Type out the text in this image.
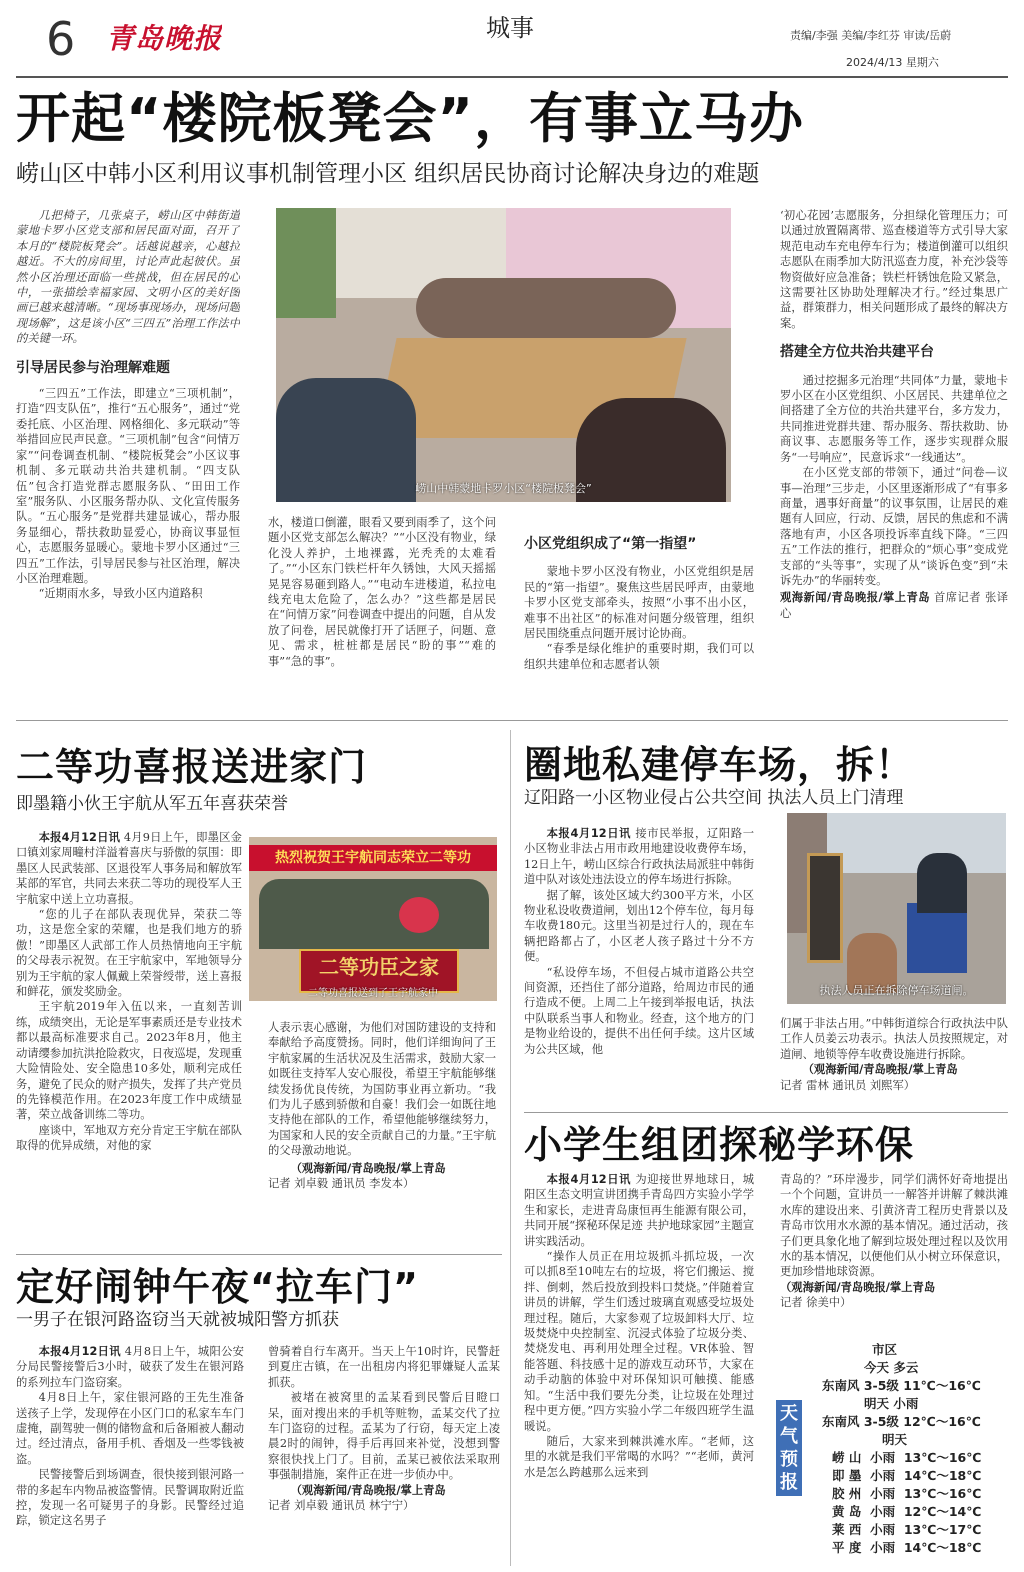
6 青岛晚报	城事	责编/李强 美编/李红芬 审读/岳蔚
2024/4/13 星期六
开起“楼院板凳会”，有事立马办
崂山区中韩小区利用议事机制管理小区 组织居民协商讨论解决身边的难题

几把椅子，几张桌子，崂山区中韩街道蒙地卡罗小区党支部和居民面对面，召开了本月的“楼院板凳会”。话越说越亲，心越拉越近。不大的房间里，讨论声此起彼伏。虽然小区治理还面临一些挑战，但在居民的心中，一张描绘幸福家园、文明小区的美好图画已越来越清晰。“现场事现场办，现场问题现场解”，这是该小区“三四五”治理工作法中的关键一环。

引导居民参与治理解难题

“三四五”工作法，即建立“三项机制”，打造“四支队伍”，推行“五心服务”，通过“党委托底、小区治理、网格细化、多元联动”等举措回应民声民意。“三项机制”包含“问情万家”“问卷调查机制、“楼院板凳会”小区议事机制、多元联动共治共建机制。“四支队伍”包含打造党群志愿服务队、“田田工作室”服务队、小区服务帮办队、文化宣传服务队。“五心服务”是党群共建显诚心，帮办服务显细心，帮扶救助显爱心，协商议事显恒心，志愿服务显暖心。蒙地卡罗小区通过“三四五”工作法，引导居民参与社区治理，解决小区治理难题。

“近期雨水多，导致小区内道路积

崂山中韩蒙地卡罗小区“楼院板凳会”

水，楼道口倒灌，眼看又要到雨季了，这个问题小区党支部怎么解决？”“小区没有物业，绿化没人养护，土地裸露，光秃秃的太难看了。”“小区东门铁栏杆年久锈蚀，大风天摇摇晃晃容易砸到路人。”“电动车进楼道，私拉电线充电太危险了，怎么办？”这些都是居民在“问情万家”问卷调查中提出的问题，自从发放了问卷，居民就像打开了话匣子，问题、意见、需求，桩桩都是居民“盼的事”“难的事”“急的事”。

小区党组织成了“第一指望”

蒙地卡罗小区没有物业，小区党组织是居民的“第一指望”。聚焦这些居民呼声，由蒙地卡罗小区党支部牵头，按照“小事不出小区，难事不出社区”的标准对问题分级管理，组织居民围绕重点问题开展讨论协商。

“春季是绿化维护的重要时期，我们可以组织共建单位和志愿者认领

‘初心花园’志愿服务，分担绿化管理压力；可以通过放置隔离带、巡查楼道等方式引导大家规范电动车充电停车行为；楼道倒灌可以组织志愿队在雨季加大防汛巡查力度，补充沙袋等物资做好应急准备；铁栏杆锈蚀危险又紧急，这需要社区协助处理解决才行。”经过集思广益，群策群力，相关问题形成了最终的解决方案。

搭建全方位共治共建平台

通过挖掘多元治理“共同体”力量，蒙地卡罗小区在小区党组织、小区居民、共建单位之间搭建了全方位的共治共建平台，多方发力，共同推进党群共建、帮办服务、帮扶救助、协商议事、志愿服务等工作，逐步实现群众服务“一号响应”，民意诉求“一线通达”。

在小区党支部的带领下，通过“问卷—议事—治理”三步走，小区里逐渐形成了“有事多商量，遇事好商量”的议事氛围，让居民的难题有人回应，行动、反馈，居民的焦虑和不满落地有声，小区各项投诉率直线下降。“三四五”工作法的推行，把群众的“烦心事”变成党支部的“头等事”，实现了从“谈诉色变”到“未诉先办”的华丽转变。

观海新闻/青岛晚报/掌上青岛 首席记者 张译心
二等功喜报送进家门
即墨籍小伙王宇航从军五年喜获荣誉

本报4月12日讯 4月9日上午，即墨区金口镇刘家周疃村洋溢着喜庆与骄傲的氛围：即墨区人民武装部、区退役军人事务局和解放军某部的军官，共同去来获二等功的现役军人王宇航家中送上立功喜报。

“您的儿子在部队表现优异，荣获二等功，这是您全家的荣耀，也是我们地方的骄傲！”即墨区人武部工作人员热情地向王宇航的父母表示祝贺。在王宇航家中，军地领导分别为王宇航的家人佩戴上荣誉绶带，送上喜报和鲜花，颁发奖励金。

王宇航2019年入伍以来，一直刻苦训练，成绩突出，无论是军事素质还是专业技术都以最高标准要求自己。2023年8月，他主动请缨参加抗洪抢险救灾，日夜巡堤，发现重大险情险处、安全隐患10多处，顺利完成任务，避免了民众的财产损失，发挥了共产党员的先锋模范作用。在2023年度工作中成绩显著，荣立战备训练二等功。

座谈中，军地双方充分肯定王宇航在部队取得的优异成绩，对他的家

热烈祝贺王宇航同志荣立二等功
二等功臣之家
二等功喜报送到了王宇航家中

人表示衷心感谢，为他们对国防建设的支持和奉献给予高度赞扬。同时，他们详细询问了王宇航家属的生活状况及生活需求，鼓励大家一如既往支持军人安心服役，希望王宇航能够继续发扬优良传统，为国防事业再立新功。“我们为儿子感到骄傲和自豪！我们会一如既往地支持他在部队的工作，希望他能够继续努力，为国家和人民的安全贡献自己的力量。”王宇航的父母激动地说。

（观海新闻/青岛晚报/掌上青岛
记者 刘卓毅 通讯员 李发本）
定好闹钟午夜“拉车门”
一男子在银河路盗窃当天就被城阳警方抓获

本报4月12日讯 4月8日上午，城阳公安分局民警接警后3小时，破获了发生在银河路的系列拉车门盗窃案。

4月8日上午，家住银河路的王先生准备送孩子上学，发现停在小区门口的私家车车门虚掩，副驾驶一侧的储物盒和后备厢被人翻动过。经过清点，备用手机、香烟及一些零钱被盗。

民警接警后到场调查，很快接到银河路一带的多起车内物品被盗警情。民警调取附近监控，发现一名可疑男子的身影。民警经过追踪，锁定这名男子

曾骑着自行车离开。当天上午10时许，民警赶到夏庄古镇，在一出租房内将犯罪嫌疑人孟某抓获。

被堵在被窝里的孟某看到民警后目瞪口呆，面对搜出来的手机等赃物，孟某交代了拉车门盗窃的过程。孟某为了行窃，每天定上凌晨2时的闹钟，得手后再回来补觉，没想到警察很快找上门了。目前，孟某已被依法采取刑事强制措施，案件正在进一步侦办中。

（观海新闻/青岛晚报/掌上青岛
记者 刘卓毅 通讯员 林宁宁）
圈地私建停车场，拆！
辽阳路一小区物业侵占公共空间 执法人员上门清理

本报4月12日讯 接市民举报，辽阳路一小区物业非法占用市政用地建设收费停车场，12日上午，崂山区综合行政执法局派驻中韩街道中队对该处违法设立的停车场进行拆除。

据了解，该处区域大约300平方米，小区物业私设收费道闸，划出12个停车位，每月每车收费180元。这里当初是过行人的，现在车辆把路都占了，小区老人孩子路过十分不方便。

“私设停车场，不但侵占城市道路公共空间资源，还挡住了部分道路，给周边市民的通行造成不便。上周二上午接到举报电话，执法中队联系当事人和物业。经查，这个地方的门是物业给设的，提供不出任何手续。这片区域为公共区域，他

执法人员正在拆除停车场道闸。

们属于非法占用。”中韩街道综合行政执法中队工作人员姜云功表示。执法人员按照规定，对道闸、地锁等停车收费设施进行拆除。

（观海新闻/青岛晚报/掌上青岛
记者 雷林 通讯员 刘熙军）
小学生组团探秘学环保

本报4月12日讯 为迎接世界地球日，城阳区生态文明宣讲团携手青岛四方实验小学学生和家长，走进青岛康恒再生能源有限公司，共同开展“探秘环保足迹 共护地球家园”主题宣讲实践活动。

“操作人员正在用垃圾抓斗抓垃圾，一次可以抓8至10吨左右的垃圾，将它们搬运、搅拌、倒刺，然后投放到投料口焚烧。”伴随着宣讲员的讲解，学生们透过玻璃直观感受垃圾处理过程。随后，大家参观了垃圾卸料大厅、垃圾焚烧中央控制室、沉浸式体验了垃圾分类、焚烧发电、再利用处理全过程。VR体验、智能答题、科技感十足的游戏互动环节，大家在动手动脑的体验中对环保知识可触摸、能感知。“生活中我们要先分类，让垃圾在处理过程中更方便。”四方实验小学二年级四班学生温暖说。

随后，大家来到棘洪滩水库。“老师，这里的水就是我们平常喝的水吗？”“老师，黄河水是怎么跨越那么远来到

青岛的？”环岸漫步，同学们满怀好奇地提出一个个问题，宣讲员一一解答并讲解了棘洪滩水库的建设出来、引黄济青工程历史背景以及青岛市饮用水水源的基本情况。通过活动，孩子们更具象化地了解到垃圾处理过程以及饮用水的基本情况，以便他们从小树立环保意识，更加珍惜地球资源。

（观海新闻/青岛晚报/掌上青岛
记者 徐美中）
天气预报
市区
今天 多云
东南风 3-5级 11℃～16℃
明天 小雨
东南风 3-5级 12℃～16℃
明天
崂 山 小雨 13℃～16℃
即 墨 小雨 14℃～18℃
胶 州 小雨 13℃～16℃
黄 岛 小雨 12℃～14℃
莱 西 小雨 13℃～17℃
平 度 小雨 14℃～18℃
